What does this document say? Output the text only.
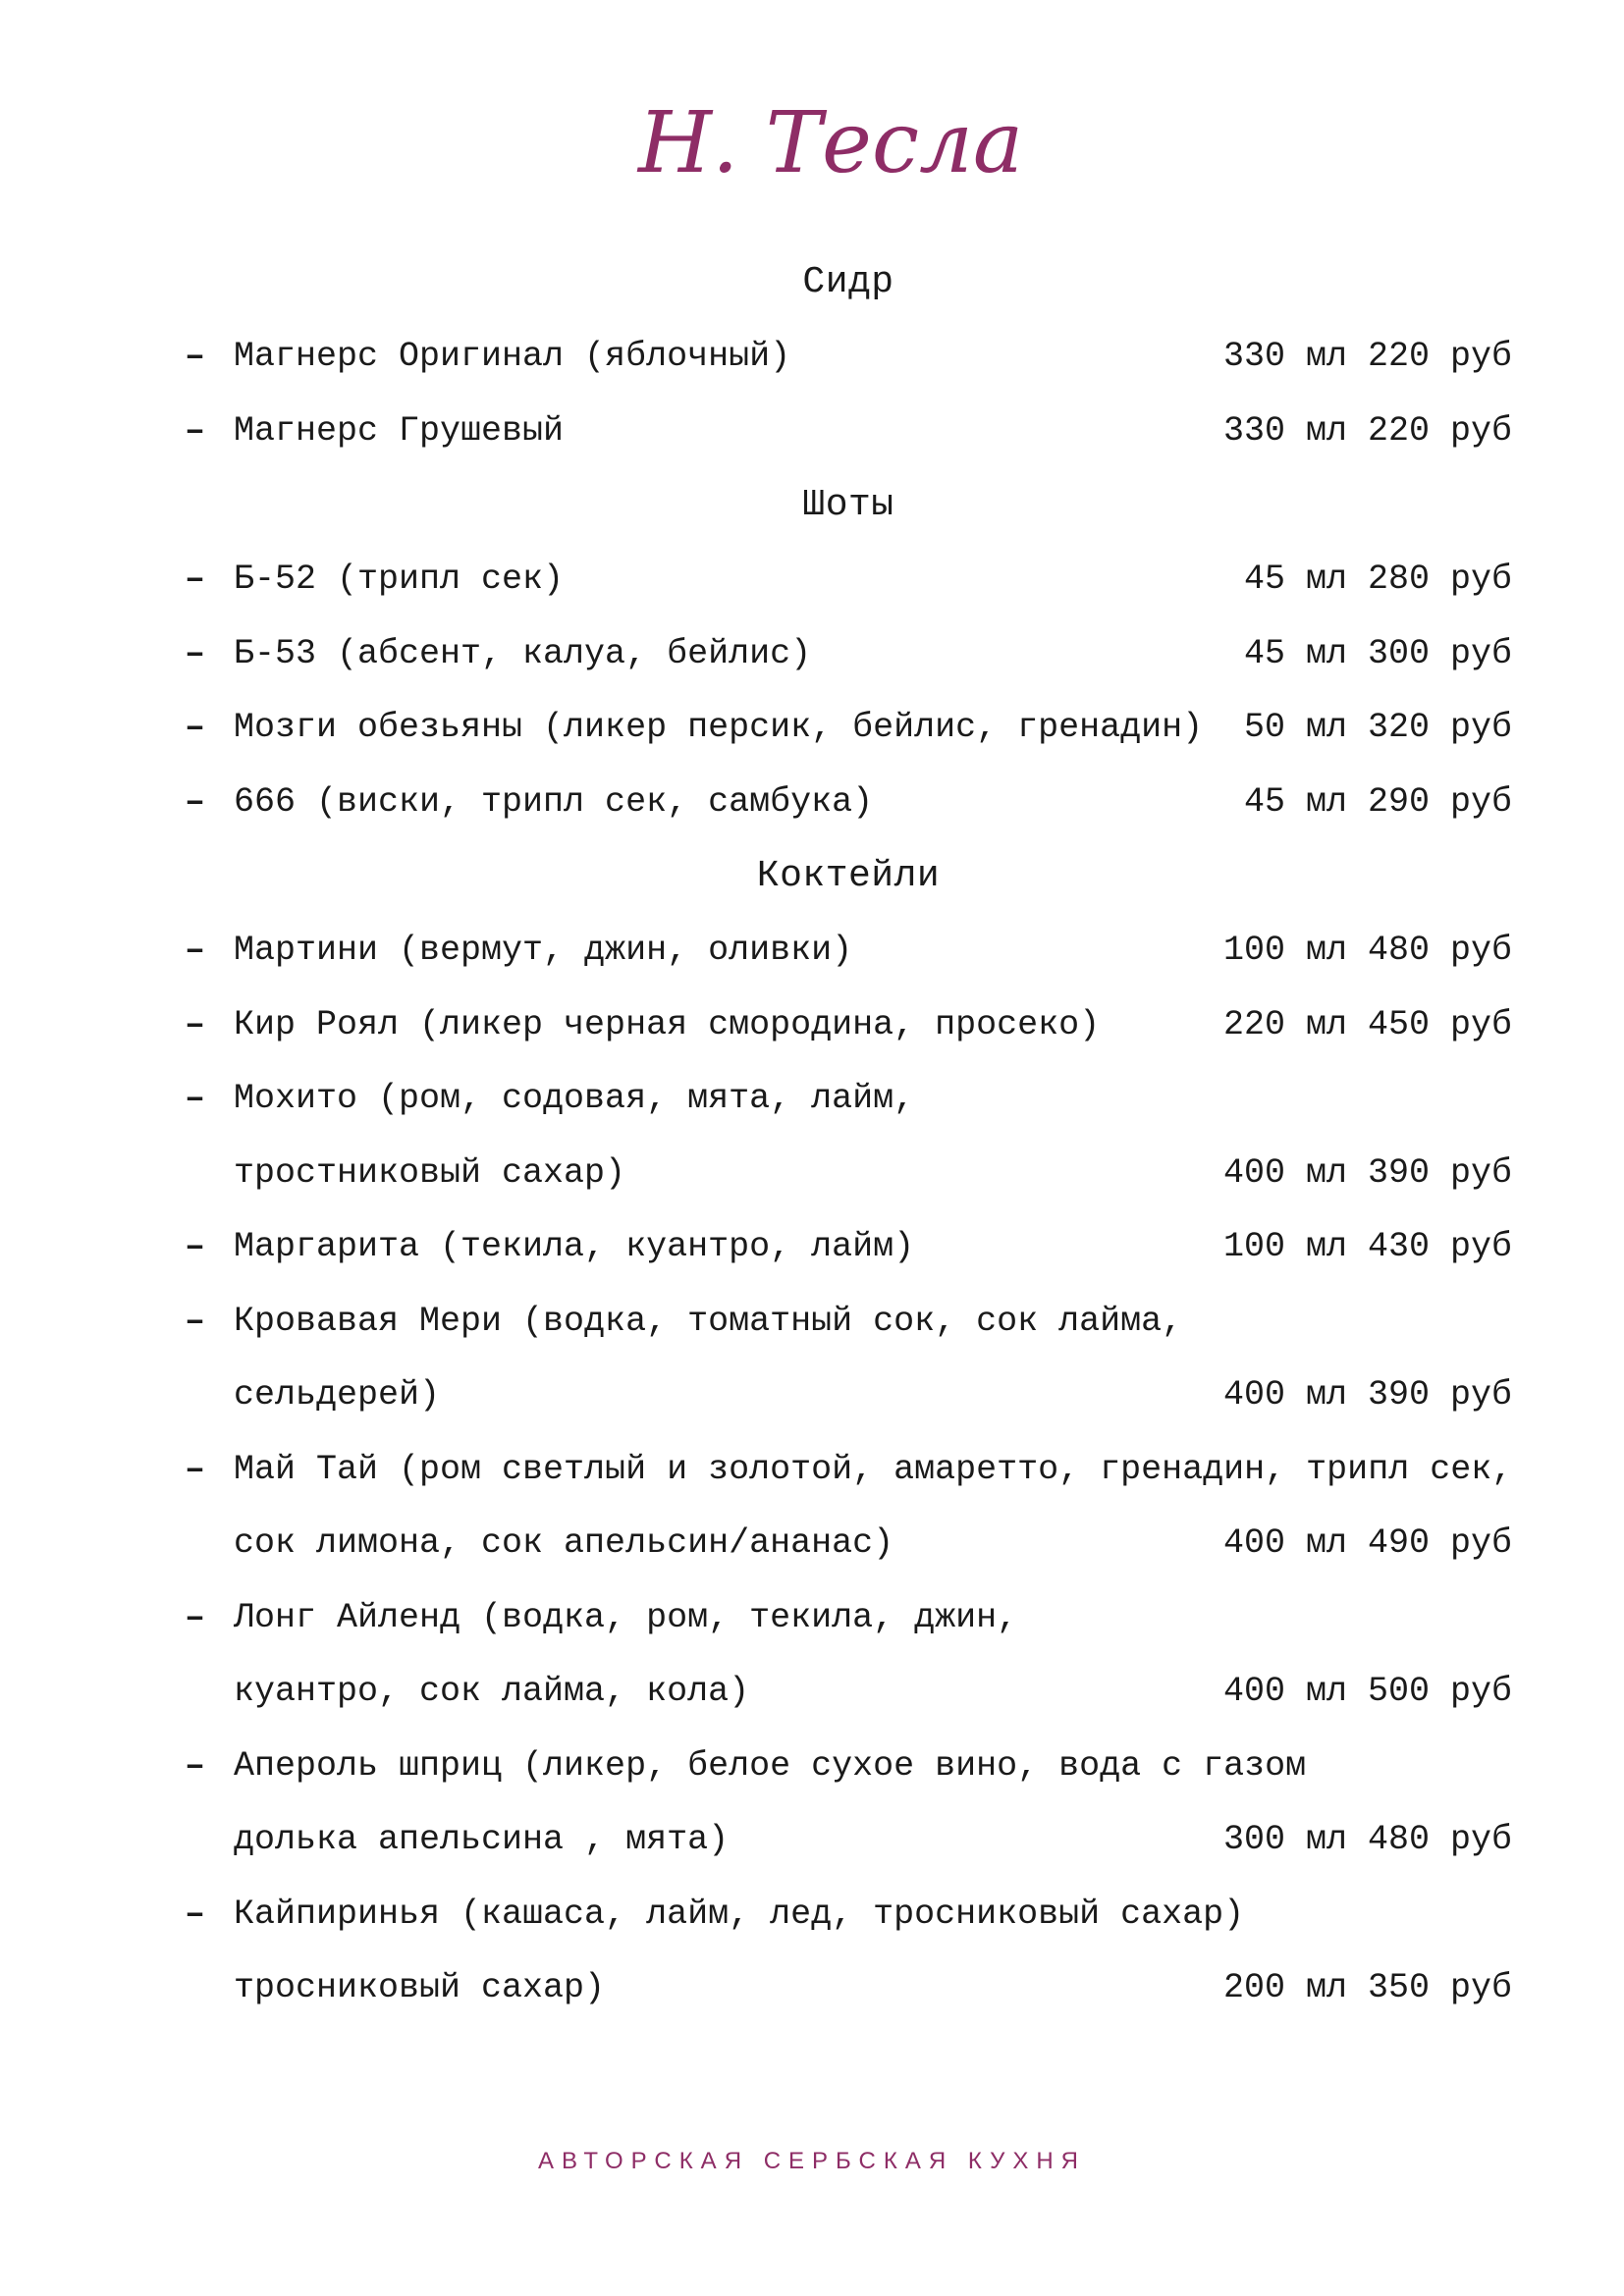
Н. Тесла
Сидр
– Магнерс Оригинал (яблочный)	330 мл 220 руб
– Магнерс Грушевый	330 мл 220 руб
Шоты
– Б-52 (трипл сек)	45 мл 280 руб
– Б-53 (абсент, калуа, бейлис)	45 мл 300 руб
– Мозги обезьяны (ликер персик, бейлис, гренадин) 50 мл 320 руб
– 666 (виски, трипл сек, самбука)	45 мл 290 руб
Коктейли
– Мартини (вермут, джин, оливки)	100 мл 480 руб
– Кир Роял (ликер черная смородина, просеко)	220 мл 450 руб
– Мохито (ром, содовая, мята, лайм,
тростниковый сахар)	400 мл 390 руб
– Маргарита (текила, куантро, лайм)	100 мл 430 руб
– Кровавая Мери (водка, томатный сок, сок лайма,
сельдерей)	400 мл 390 руб
– Май Тай (ром светлый и золотой, амаретто, гренадин, трипл сек,
сок лимона, сок апельсин/ананас)	400 мл 490 руб
– Лонг Айленд (водка, ром, текила, джин,
куантро, сок лайма, кола)	400 мл 500 руб
– Апероль шприц (ликер, белое сухое вино, вода с газом
долька апельсина , мята)	300 мл 480 руб
– Кайпиринья (кашаса, лайм, лед, тросниковый сахар)
тросниковый сахар)	200 мл 350 руб
АВТОРСКАЯ СЕРБСКАЯ КУХНЯ
